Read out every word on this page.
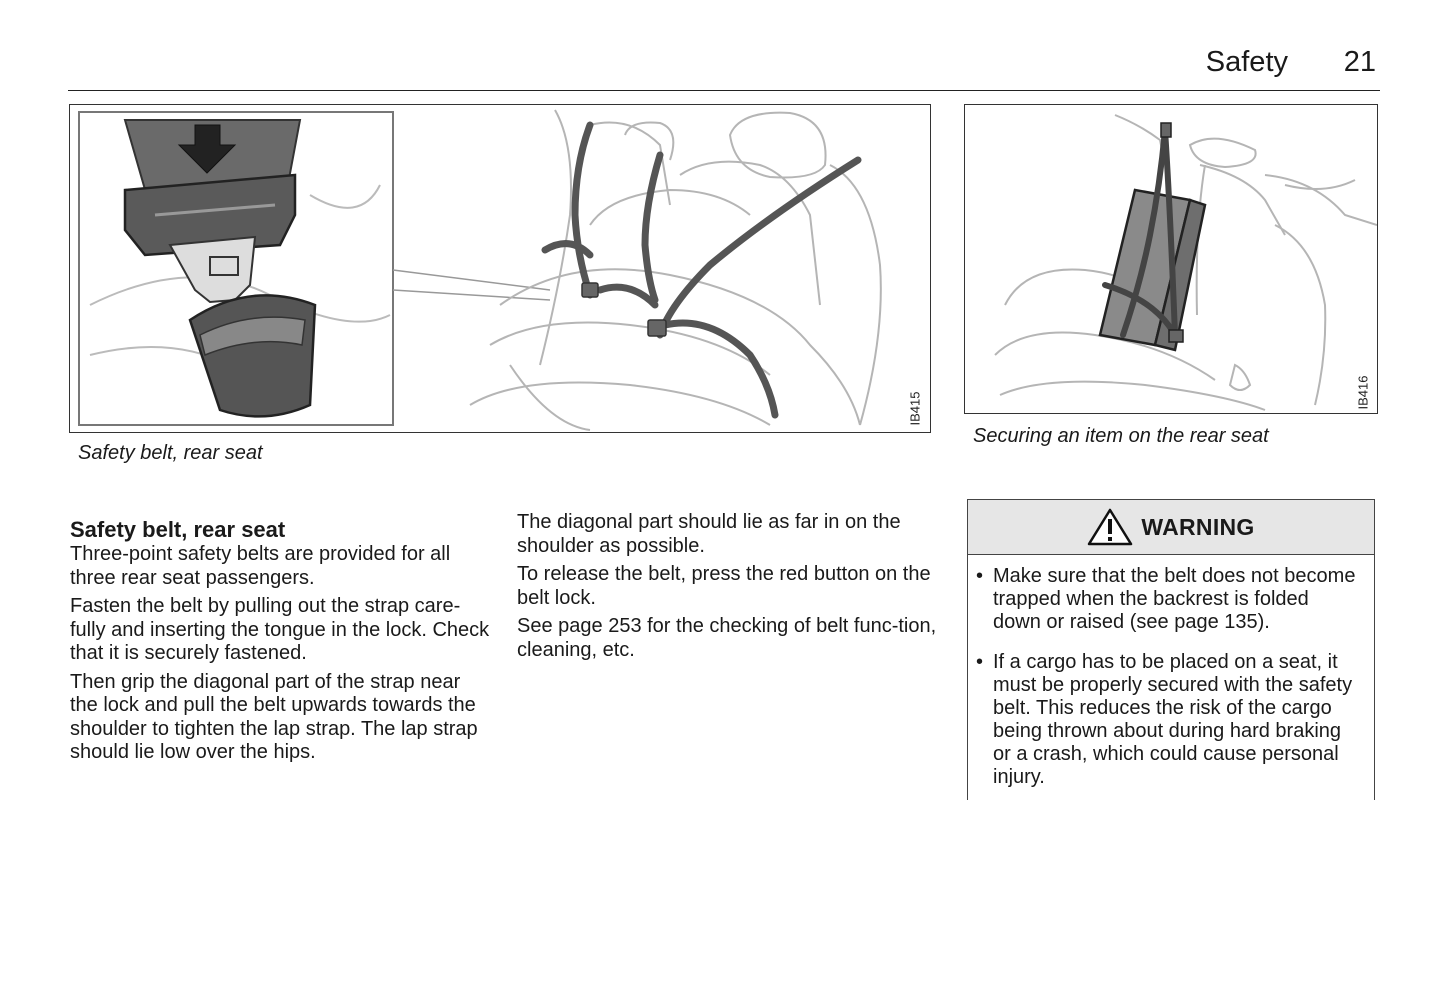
Safety 21
IB415
Safety belt, rear seat
IB416
Securing an item on the rear seat
Safety belt, rear seat

Three-point safety belts are provided for all three rear seat passengers.

Fasten the belt by pulling out the strap care-fully and inserting the tongue in the lock. Check that it is securely fastened.

Then grip the diagonal part of the strap near the lock and pull the belt upwards towards the shoulder to tighten the lap strap. The lap strap should lie low over the hips.

The diagonal part should lie as far in on the shoulder as possible.

To release the belt, press the red button on the belt lock.

See page 253 for the checking of belt func-tion, cleaning, etc.

WARNING
• Make sure that the belt does not become trapped when the backrest is folded down or raised (see page 135).
• If a cargo has to be placed on a seat, it must be properly secured with the safety belt. This reduces the risk of the cargo being thrown about during hard braking or a crash, which could cause personal injury.
